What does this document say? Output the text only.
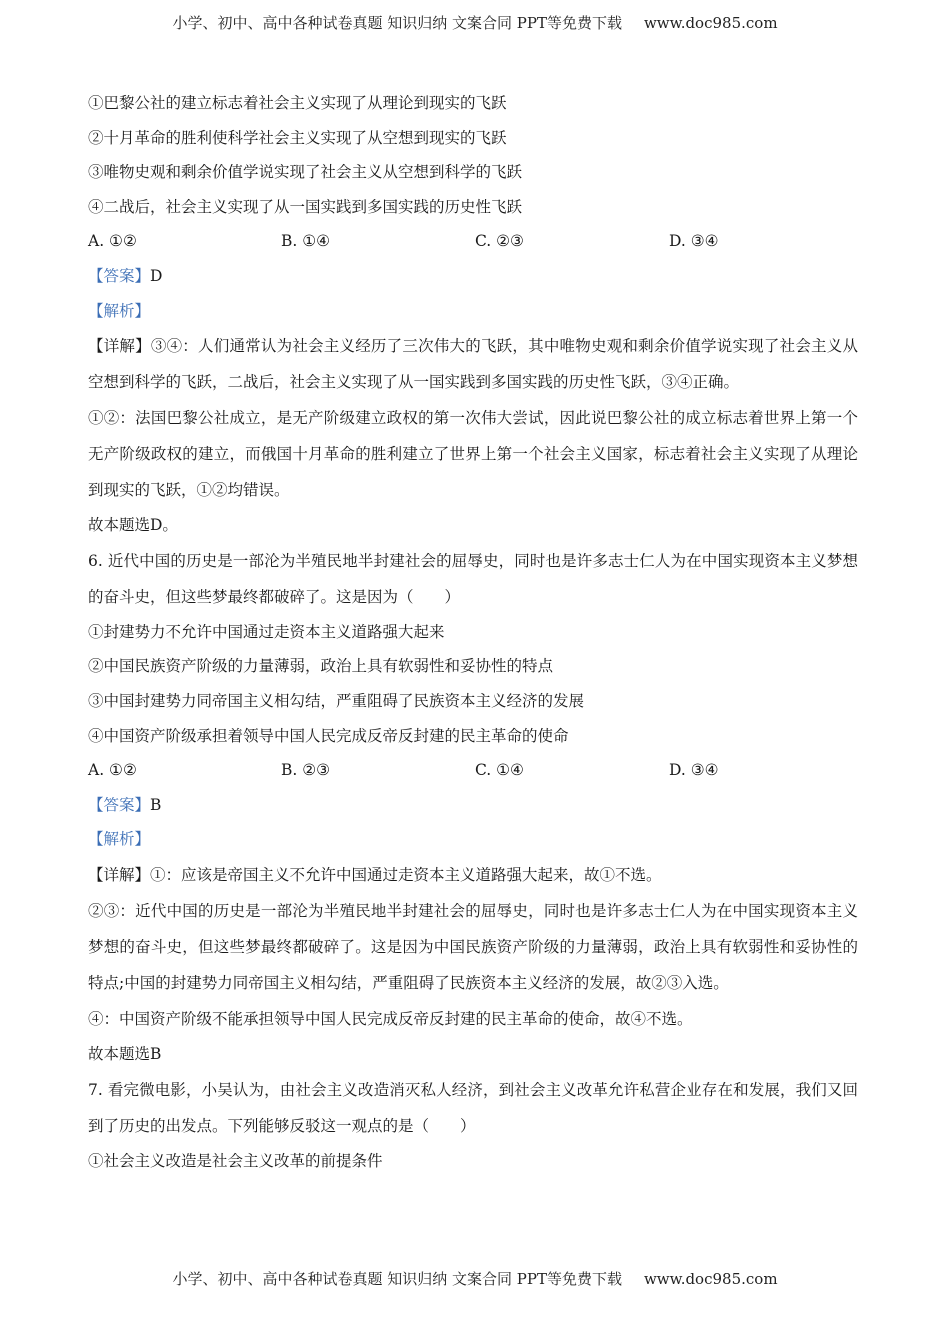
小学、初中、高中各种试卷真题 知识归纳 文案合同 PPT等免费下载 www.doc985.com
①巴黎公社的建立标志着社会主义实现了从理论到现实的飞跃
②十月革命的胜利使科学社会主义实现了从空想到现实的飞跃
③唯物史观和剩余价值学说实现了社会主义从空想到科学的飞跃
④二战后，社会主义实现了从一国实践到多国实践的历史性飞跃
A. ①②	B. ①④	C. ②③	D. ③④
【答案】D
【解析】
【详解】③④：人们通常认为社会主义经历了三次伟大的飞跃，其中唯物史观和剩余价值学说实现了社会主义从空想到科学的飞跃，二战后，社会主义实现了从一国实践到多国实践的历史性飞跃，③④正确。
①②：法国巴黎公社成立，是无产阶级建立政权的第一次伟大尝试，因此说巴黎公社的成立标志着世界上第一个无产阶级政权的建立，而俄国十月革命的胜利建立了世界上第一个社会主义国家，标志着社会主义实现了从理论到现实的飞跃，①②均错误。
故本题选D。
6. 近代中国的历史是一部沦为半殖民地半封建社会的屈辱史，同时也是许多志士仁人为在中国实现资本主义梦想的奋斗史，但这些梦最终都破碎了。这是因为（　　）
①封建势力不允许中国通过走资本主义道路强大起来
②中国民族资产阶级的力量薄弱，政治上具有软弱性和妥协性的特点
③中国封建势力同帝国主义相勾结，严重阻碍了民族资本主义经济的发展
④中国资产阶级承担着领导中国人民完成反帝反封建的民主革命的使命
A. ①②	B. ②③	C. ①④	D. ③④
【答案】B
【解析】
【详解】①：应该是帝国主义不允许中国通过走资本主义道路强大起来，故①不选。
②③：近代中国的历史是一部沦为半殖民地半封建社会的屈辱史，同时也是许多志士仁人为在中国实现资本主义梦想的奋斗史，但这些梦最终都破碎了。这是因为中国民族资产阶级的力量薄弱，政治上具有软弱性和妥协性的特点;中国的封建势力同帝国主义相勾结，严重阻碍了民族资本主义经济的发展，故②③入选。
④：中国资产阶级不能承担领导中国人民完成反帝反封建的民主革命的使命，故④不选。
故本题选B
7. 看完微电影，小吴认为，由社会主义改造消灭私人经济，到社会主义改革允许私营企业存在和发展，我们又回到了历史的出发点。下列能够反驳这一观点的是（　　）
①社会主义改造是社会主义改革的前提条件
小学、初中、高中各种试卷真题 知识归纳 文案合同 PPT等免费下载 www.doc985.com
